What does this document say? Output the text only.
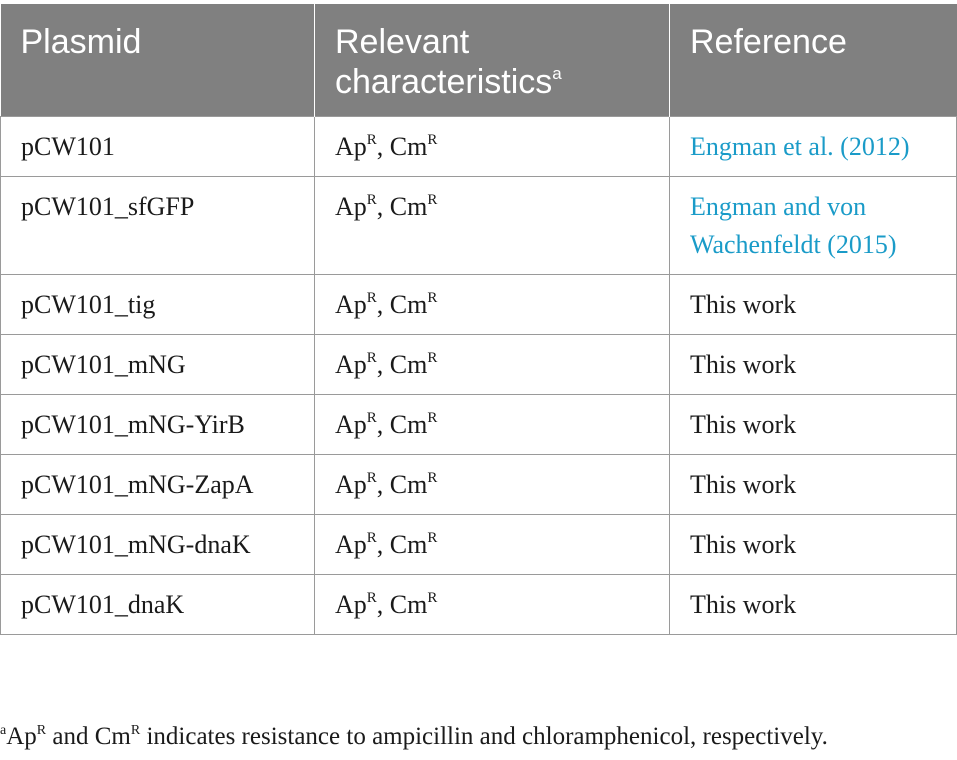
Plasmid	Relevant characteristics$^a$	Reference
pCW101	$Ap^R$, $Cm^R$	Engman et al. (2012)
pCW101_sfGFP	$Ap^R$, $Cm^R$	Engman and von Wachenfeldt (2015)
pCW101_tig	$Ap^R$, $Cm^R$	This work
pCW101_mNG	$Ap^R$, $Cm^R$	This work
pCW101_mNG-YirB	$Ap^R$, $Cm^R$	This work
pCW101_mNG-ZapA	$Ap^R$, $Cm^R$	This work
pCW101_mNG-dnaK	$Ap^R$, $Cm^R$	This work
pCW101_dnaK	$Ap^R$, $Cm^R$	This work
$^aAp^R$ and $Cm^R$ indicates resistance to ampicillin and chloramphenicol, respectively.
